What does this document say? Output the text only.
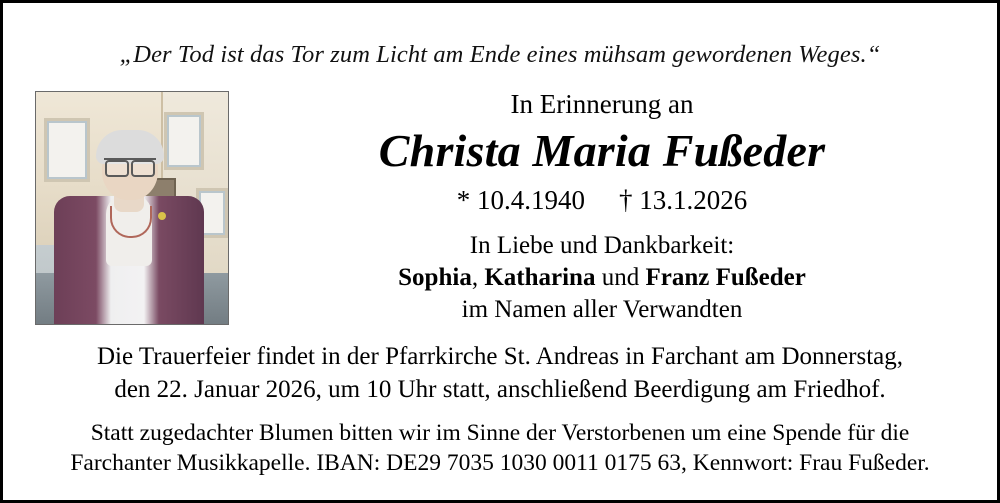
„Der Tod ist das Tor zum Licht am Ende eines mühsam gewordenen Weges.“
In Erinnerung an
Christa Maria Fußeder
* 10.4.1940 † 13.1.2026
In Liebe und Dankbarkeit:
Sophia, Katharina und Franz Fußeder
im Namen aller Verwandten
Die Trauerfeier findet in der Pfarrkirche St. Andreas in Farchant am Donnerstag,
den 22. Januar 2026, um 10 Uhr statt, anschließend Beerdigung am Friedhof.
Statt zugedachter Blumen bitten wir im Sinne der Verstorbenen um eine Spende für die
Farchanter Musikkapelle. IBAN: DE29 7035 1030 0011 0175 63, Kennwort: Frau Fußeder.
